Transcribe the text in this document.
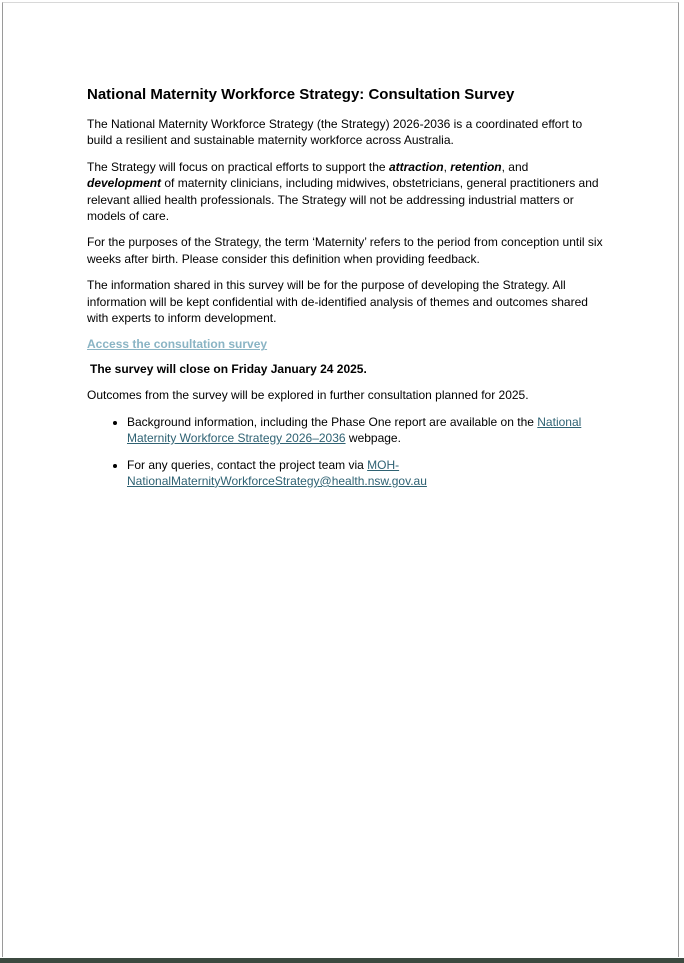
National Maternity Workforce Strategy: Consultation Survey

The National Maternity Workforce Strategy (the Strategy) 2026-2036 is a coordinated effort to build a resilient and sustainable maternity workforce across Australia.

The Strategy will focus on practical efforts to support the attraction, retention, and development of maternity clinicians, including midwives, obstetricians, general practitioners and relevant allied health professionals. The Strategy will not be addressing industrial matters or models of care.

For the purposes of the Strategy, the term ‘Maternity’ refers to the period from conception until six weeks after birth. Please consider this definition when providing feedback.

The information shared in this survey will be for the purpose of developing the Strategy. All information will be kept confidential with de-identified analysis of themes and outcomes shared with experts to inform development.

Access the consultation survey

The survey will close on Friday January 24 2025.

Outcomes from the survey will be explored in further consultation planned for 2025.

• Background information, including the Phase One report are available on the National Maternity Workforce Strategy 2026–2036 webpage.
• For any queries, contact the project team via MOH-NationalMaternityWorkforceStrategy@health.nsw.gov.au
